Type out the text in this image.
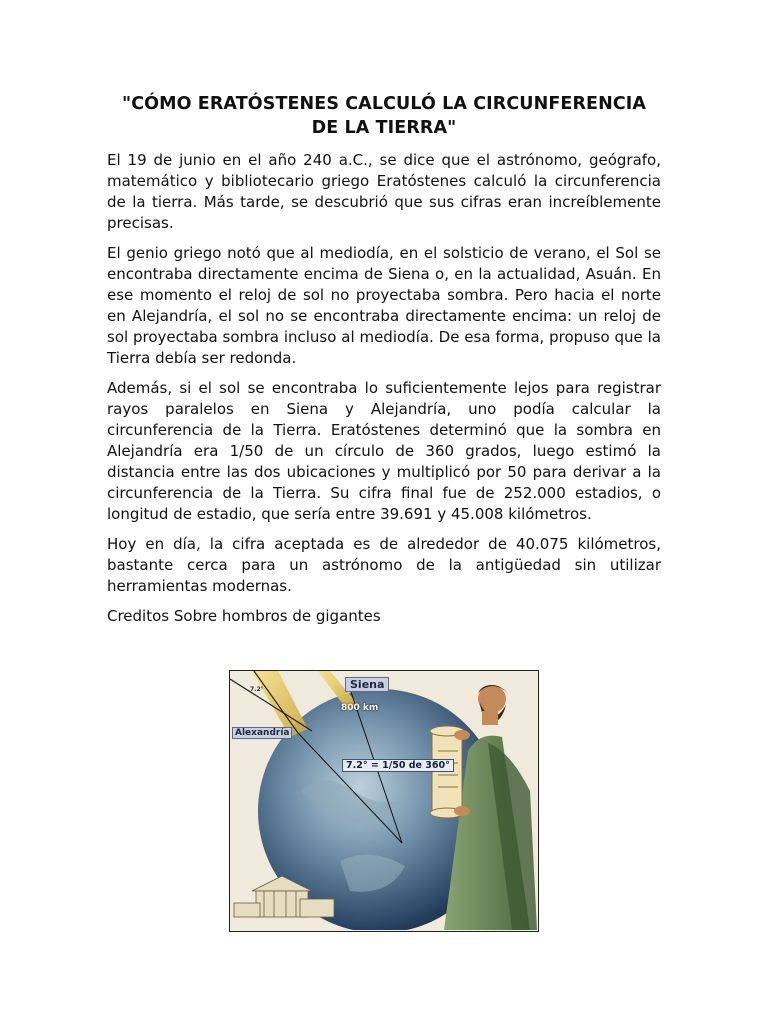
"CÓMO ERATÓSTENES CALCULÓ LA CIRCUNFERENCIA DE LA TIERRA"

El 19 de junio en el año 240 a.C., se dice que el astrónomo, geógrafo, matemático y bibliotecario griego Eratóstenes calculó la circunferencia de la tierra. Más tarde, se descubrió que sus cifras eran increíblemente precisas.

El genio griego notó que al mediodía, en el solsticio de verano, el Sol se encontraba directamente encima de Siena o, en la actualidad, Asuán. En ese momento el reloj de sol no proyectaba sombra. Pero hacia el norte en Alejandría, el sol no se encontraba directamente encima: un reloj de sol proyectaba sombra incluso al mediodía. De esa forma, propuso que la Tierra debía ser redonda.

Además, si el sol se encontraba lo suficientemente lejos para registrar rayos paralelos en Siena y Alejandría, uno podía calcular la circunferencia de la Tierra. Eratóstenes determinó que la sombra en Alejandría era 1/50 de un círculo de 360 grados, luego estimó la distancia entre las dos ubicaciones y multiplicó por 50 para derivar a la circunferencia de la Tierra. Su cifra final fue de 252.000 estadios, o longitud de estadio, que sería entre 39.691 y 45.008 kilómetros.

Hoy en día, la cifra aceptada es de alrededor de 40.075 kilómetros, bastante cerca para un astrónomo de la antigüedad sin utilizar herramientas modernas.

Creditos Sobre hombros de gigantes

Siena
800 km
Alexandría
7.2° = 1/50 de 360°
7.2°
